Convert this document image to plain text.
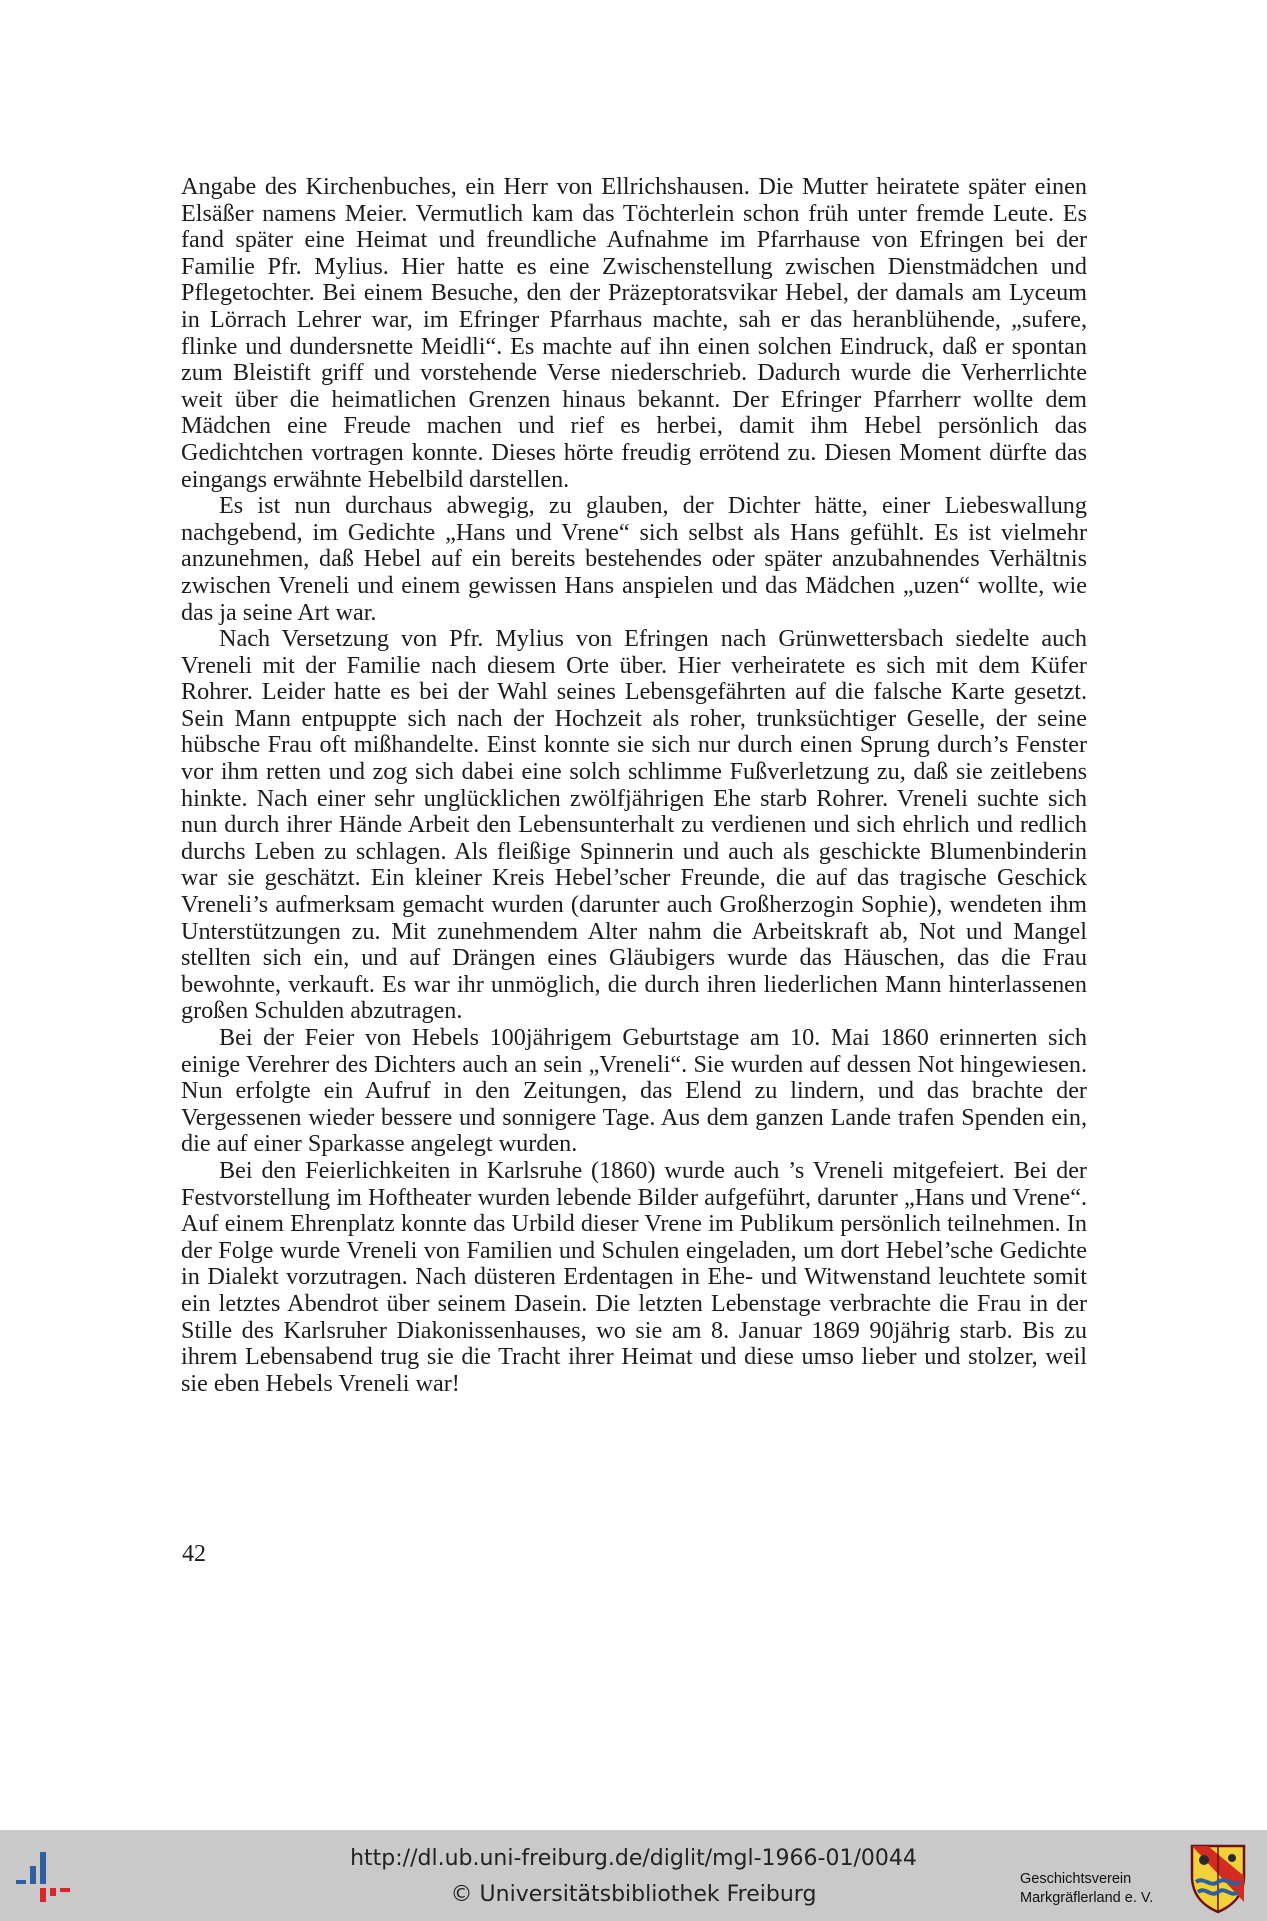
Angabe des Kirchenbuches, ein Herr von Ellrichshausen. Die Mutter heiratete später einen Elsäßer namens Meier. Vermutlich kam das Töchterlein schon früh unter fremde Leute. Es fand später eine Heimat und freundliche Aufnahme im Pfarrhause von Efringen bei der Familie Pfr. Mylius. Hier hatte es eine Zwischenstellung zwischen Dienstmädchen und Pflegetochter. Bei einem Besuche, den der Präzeptoratsvikar Hebel, der damals am Lyceum in Lörrach Lehrer war, im Efringer Pfarrhaus machte, sah er das heranblühende, „sufere, flinke und dundersnette Meidli“. Es machte auf ihn einen solchen Eindruck, daß er spontan zum Bleistift griff und vorstehende Verse niederschrieb. Dadurch wurde die Verherrlichte weit über die heimatlichen Grenzen hinaus bekannt. Der Efringer Pfarrherr wollte dem Mädchen eine Freude machen und rief es herbei, damit ihm Hebel persönlich das Gedichtchen vortragen konnte. Dieses hörte freudig errötend zu. Diesen Moment dürfte das eingangs erwähnte Hebelbild darstellen.

Es ist nun durchaus abwegig, zu glauben, der Dichter hätte, einer Liebeswallung nachgebend, im Gedichte „Hans und Vrene“ sich selbst als Hans gefühlt. Es ist vielmehr anzunehmen, daß Hebel auf ein bereits bestehendes oder später anzubahnendes Verhältnis zwischen Vreneli und einem gewissen Hans anspielen und das Mädchen „uzen“ wollte, wie das ja seine Art war.

Nach Versetzung von Pfr. Mylius von Efringen nach Grünwettersbach siedelte auch Vreneli mit der Familie nach diesem Orte über. Hier verheiratete es sich mit dem Küfer Rohrer. Leider hatte es bei der Wahl seines Lebensgefährten auf die falsche Karte gesetzt. Sein Mann entpuppte sich nach der Hochzeit als roher, trunksüchtiger Geselle, der seine hübsche Frau oft mißhandelte. Einst konnte sie sich nur durch einen Sprung durch’s Fenster vor ihm retten und zog sich dabei eine solch schlimme Fußverletzung zu, daß sie zeitlebens hinkte. Nach einer sehr unglücklichen zwölfjährigen Ehe starb Rohrer. Vreneli suchte sich nun durch ihrer Hände Arbeit den Lebensunterhalt zu verdienen und sich ehrlich und redlich durchs Leben zu schlagen. Als fleißige Spinnerin und auch als geschickte Blumenbinderin war sie geschätzt. Ein kleiner Kreis Hebel’scher Freunde, die auf das tragische Geschick Vreneli’s aufmerksam gemacht wurden (darunter auch Großherzogin Sophie), wendeten ihm Unterstützungen zu. Mit zunehmendem Alter nahm die Arbeitskraft ab, Not und Mangel stellten sich ein, und auf Drängen eines Gläubigers wurde das Häuschen, das die Frau bewohnte, verkauft. Es war ihr unmöglich, die durch ihren liederlichen Mann hinterlassenen großen Schulden abzutragen.

Bei der Feier von Hebels 100jährigem Geburtstage am 10. Mai 1860 erinnerten sich einige Verehrer des Dichters auch an sein „Vreneli“. Sie wurden auf dessen Not hingewiesen. Nun erfolgte ein Aufruf in den Zeitungen, das Elend zu lindern, und das brachte der Vergessenen wieder bessere und sonnigere Tage. Aus dem ganzen Lande trafen Spenden ein, die auf einer Sparkasse angelegt wurden.

Bei den Feierlichkeiten in Karlsruhe (1860) wurde auch ’s Vreneli mitgefeiert. Bei der Festvorstellung im Hoftheater wurden lebende Bilder aufgeführt, darunter „Hans und Vrene“. Auf einem Ehrenplatz konnte das Urbild dieser Vrene im Publikum persönlich teilnehmen. In der Folge wurde Vreneli von Familien und Schulen eingeladen, um dort Hebel’sche Gedichte in Dialekt vorzutragen. Nach düsteren Erdentagen in Ehe- und Witwenstand leuchtete somit ein letztes Abendrot über seinem Dasein. Die letzten Lebenstage verbrachte die Frau in der Stille des Karlsruher Diakonissenhauses, wo sie am 8. Januar 1869 90jährig starb. Bis zu ihrem Lebensabend trug sie die Tracht ihrer Heimat und diese umso lieber und stolzer, weil sie eben Hebels Vreneli war!

42
http://dl.ub.uni-freiburg.de/diglit/mgl-1966-01/0044
© Universitätsbibliothek Freiburg
Geschichtsverein
Markgräflerland e. V.
